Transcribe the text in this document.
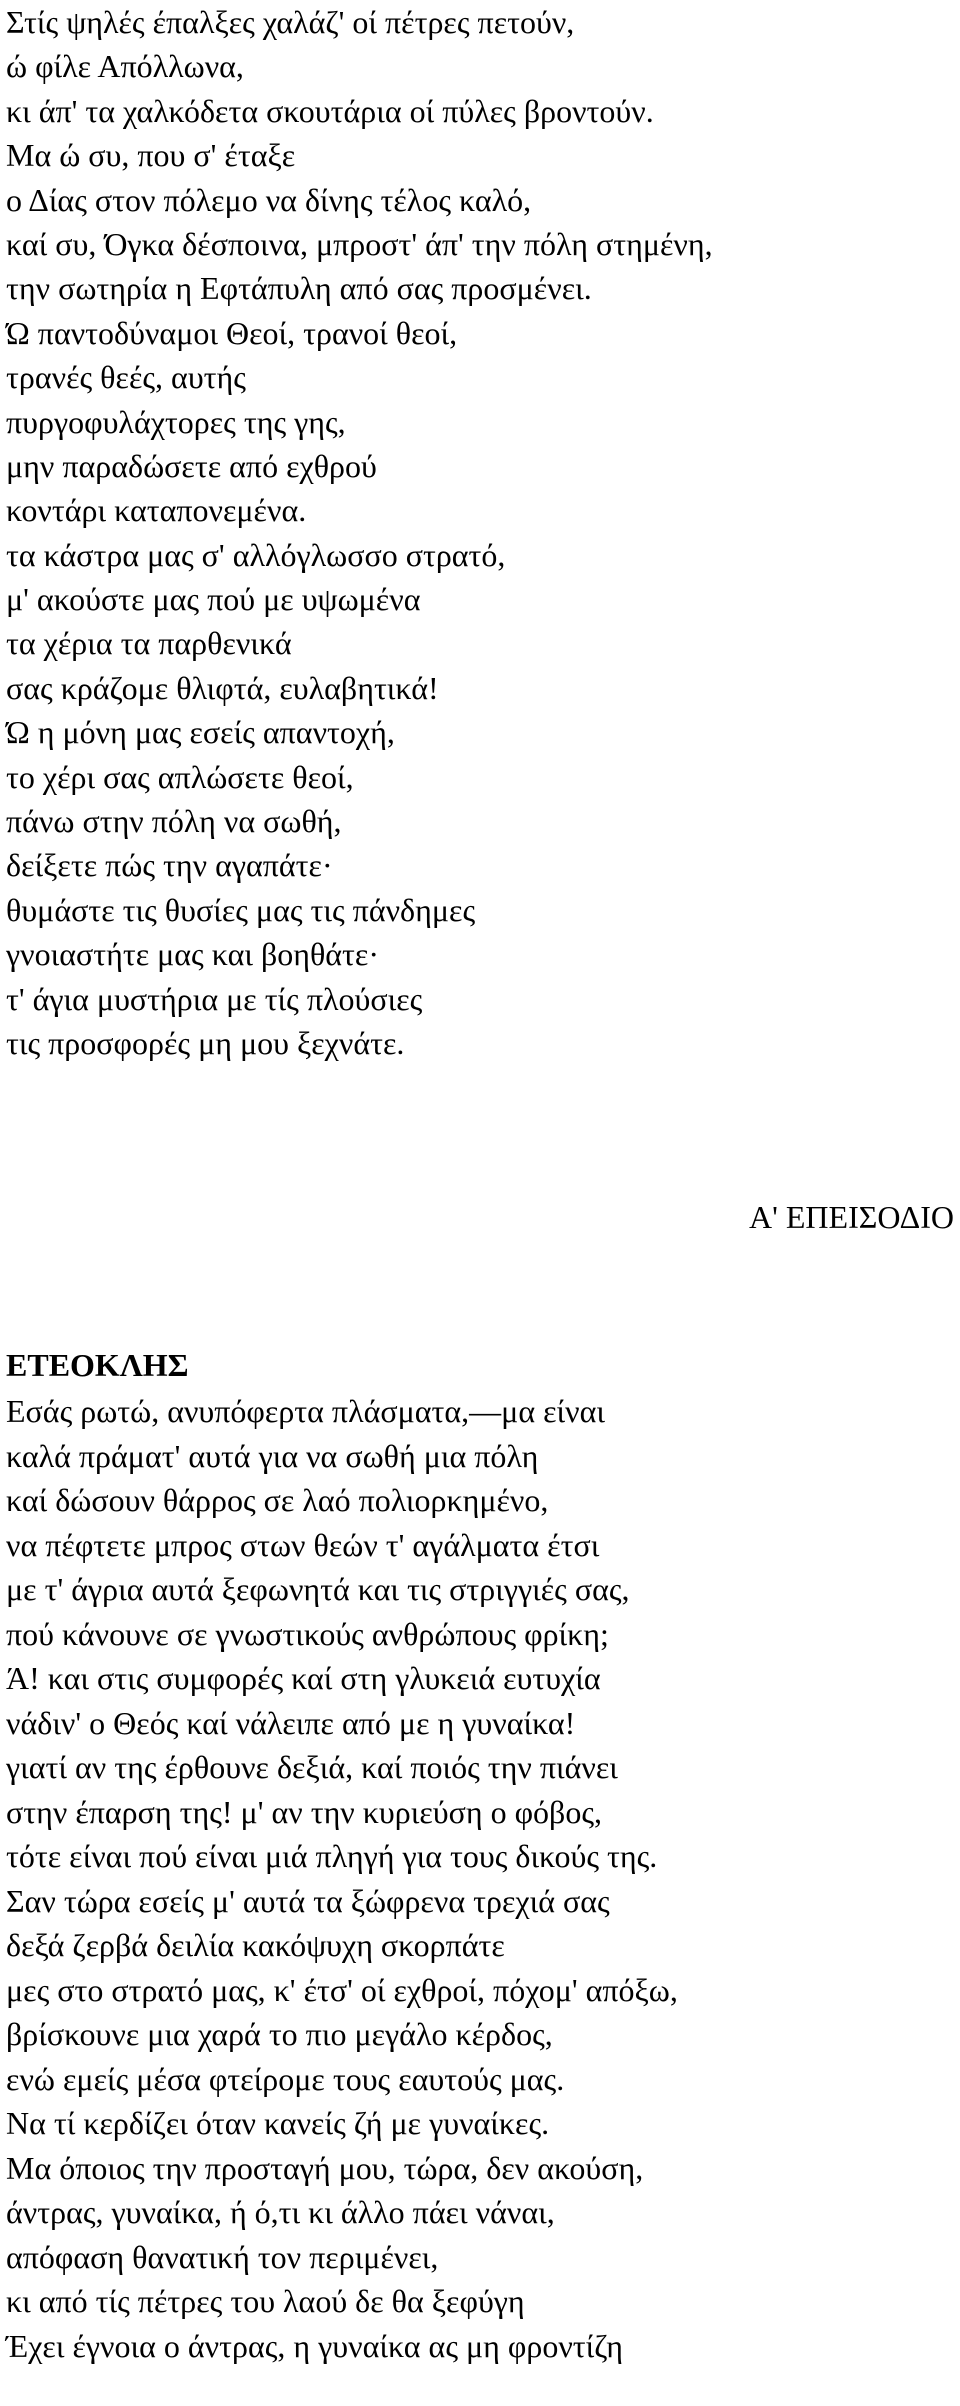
Στίς ψηλές έπαλξες χαλάζ' οί πέτρες πετούν,
ώ φίλε Απόλλωνα,
κι άπ' τα χαλκόδετα σκουτάρια οί πύλες βροντούν.
Μα ώ συ, που σ' έταξε
ο Δίας στον πόλεμο να δίνης τέλος καλό,
καί συ, Όγκα δέσποινα, μπροστ' άπ' την πόλη στημένη,
την σωτηρία η Εφτάπυλη από σας προσμένει.
Ώ παντοδύναμοι Θεοί, τρανοί θεοί,
τρανές θεές, αυτής
πυργοφυλάχτορες της γης,
μην παραδώσετε από εχθρού
κοντάρι καταπονεμένα.
τα κάστρα μας σ' αλλόγλωσσο στρατό,
μ' ακούστε μας πού με υψωμένα
τα χέρια τα παρθενικά
σας κράζομε θλιφτά, ευλαβητικά!
Ώ η μόνη μας εσείς απαντοχή,
το χέρι σας απλώσετε θεοί,
πάνω στην πόλη να σωθή,
δείξετε πώς την αγαπάτε·
θυμάστε τις θυσίες μας τις πάνδημες
γνοιαστήτε μας και βοηθάτε·
τ' άγια μυστήρια με τίς πλούσιες
τις προσφορές μη μου ξεχνάτε.
Α' ΕΠΕΙΣΟΔΙΟ
ΕΤΕΟΚΛΗΣ
Εσάς ρωτώ, ανυπόφερτα πλάσματα,—μα είναι
καλά πράματ' αυτά για να σωθή μια πόλη
καί δώσουν θάρρος σε λαό πολιορκημένο,
να πέφτετε μπρος στων θεών τ' αγάλματα έτσι
με τ' άγρια αυτά ξεφωνητά και τις στριγγιές σας,
πού κάνουνε σε γνωστικούς ανθρώπους φρίκη;
Ά! και στις συμφορές καί στη γλυκειά ευτυχία
νάδιν' ο Θεός καί νάλειπε από με η γυναίκα!
γιατί αν της έρθουνε δεξιά, καί ποιός την πιάνει
στην έπαρση της! μ' αν την κυριεύση ο φόβος,
τότε είναι πού είναι μιά πληγή για τους δικούς της.
Σαν τώρα εσείς μ' αυτά τα ξώφρενα τρεχιά σας
δεξά ζερβά δειλία κακόψυχη σκορπάτε
μες στο στρατό μας, κ' έτσ' οί εχθροί, πόχομ' απόξω,
βρίσκουνε μια χαρά το πιο μεγάλο κέρδος,
ενώ εμείς μέσα φτείρομε τους εαυτούς μας.
Να τί κερδίζει όταν κανείς ζή με γυναίκες.
Μα όποιος την προσταγή μου, τώρα, δεν ακούση,
άντρας, γυναίκα, ή ό,τι κι άλλο πάει νάναι,
απόφαση θανατική τον περιμένει,
κι από τίς πέτρες του λαού δε θα ξεφύγη
Έχει έγνοια ο άντρας, η γυναίκα ας μη φροντίζη
